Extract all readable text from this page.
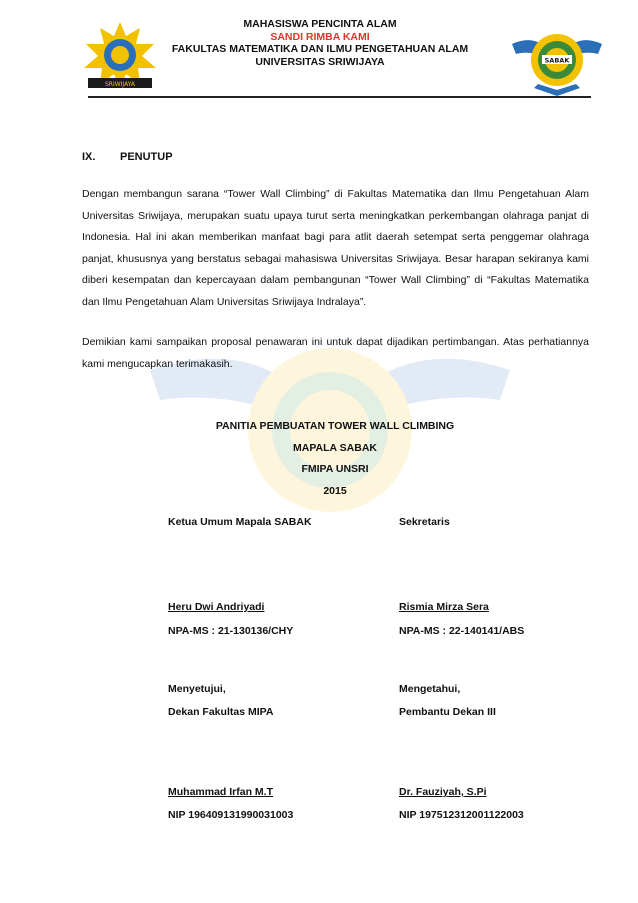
SRIWIJAYA
MAHASISWA PENCINTA ALAM
SANDI RIMBA KAMI
FAKULTAS MATEMATIKA DAN ILMU PENGETAHUAN ALAM
UNIVERSITAS SRIWIJAYA	SABAK
IX. PENUTUP
Dengan membangun sarana “Tower Wall Climbing” di Fakultas Matematika dan Ilmu Pengetahuan Alam Universitas Sriwijaya, merupakan suatu upaya turut serta meningkatkan perkembangan olahraga panjat di Indonesia. Hal ini akan memberikan manfaat bagi para atlit daerah setempat serta penggemar olahraga panjat, khususnya yang berstatus sebagai mahasiswa Universitas Sriwijaya. Besar harapan sekiranya kami diberi kesempatan dan kepercayaan dalam pembangunan “Tower Wall Climbing” di “Fakultas Matematika dan Ilmu Pengetahuan Alam Universitas Sriwijaya Indralaya”.
Demikian kami sampaikan proposal penawaran ini untuk dapat dijadikan pertimbangan. Atas perhatiannya kami mengucapkan terimakasih.
PANITIA PEMBUATAN TOWER WALL CLIMBING
MAPALA SABAK
FMIPA UNSRI
2015
Ketua Umum Mapala SABAK	Sekretaris
Heru Dwi Andriyadi
NPA-MS : 21-130136/CHY
Rismia Mirza Sera
NPA-MS : 22-140141/ABS
Menyetujui,
Dekan Fakultas MIPA
Mengetahui,
Pembantu Dekan III
Muhammad Irfan M.T
NIP 196409131990031003
Dr. Fauziyah, S.Pi
NIP 197512312001122003
